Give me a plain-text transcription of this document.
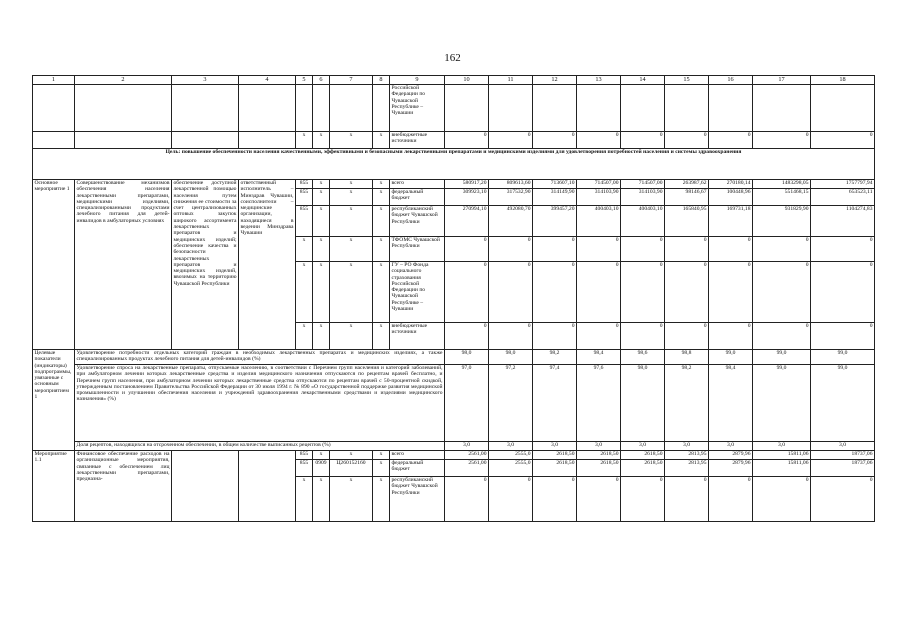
162
1	2	3	4	5	6	7	8	9	10	11	12	13	14	15	16	17	18
								Российской Федерации по Чувашской Республике – Чувашии									
				x	x	x	x	внебюджетные источники	0	0	0	0	0	0	0	0	0
Цель: повышение обеспеченности населения качественными, эффективными и безопасными лекарственными препаратами и медицинскими изделиями для удовлетворения потребностей населения и системы здравоохранения																	
Основное мероприятие 1	Совершенствование механизмов обеспечения населения лекарственными препаратами, медицинскими изделиями, специализированными продуктами лечебного питания для детей-инвалидов в амбулаторных условиях	обеспечение доступной лекарственной помощью населения путем снижения ее стоимости за счет централизованных оптовых закупок широкого ассортимента лекарственных препаратов и медицинских изделий; обеспечение качества и безопасности лекарственных препаратов и медицинских изделий, ввозимых на территорию Чувашской Республики	ответственный исполнитель – Минздрав Чувашии, соисполнители – медицинские организации, находящиеся в ведении Минздрава Чувашии	855	x	x	x	всего	580917,20	809613,60	713607,10	714507,00	714507,00	263987,62	270180,14	1483298,05	1757797,94
				855	x	x	x	федеральный бюджет	309923,10	317532,90	314149,90	314103,90	314103,90	98146,67	100448,96	551468,15	653523,11
				855	x	x	x	республиканский бюджет Чувашской Республики	270994,10	492080,70	399457,20	400403,10	400403,10	165840,95	169731,18	931829,90	1104274,83
				x	x	x	x	ТФОМС Чувашской Республики	0	0	0	0	0	0	0	0	0
				x	x	x	x	ГУ – РО Фонда социального страхования Российской Федерации по Чувашской Республике – Чувашии	0	0	0	0	0	0	0	0	0
				x	x	x	x	внебюджетные источники	0	0	0	0	0	0	0	0	0
Целевые показатели (индикаторы) подпрограммы, увязанные с основным мероприятием 1	Удовлетворение потребности отдельных категорий граждан в необходимых лекарственных препаратах и медицинских изделиях, а также специализированных продуктах лечебного питания для детей-инвалидов (%)								98,0	98,0	98,2	98,4	98,6	98,8	99,0	99,0	99,0
	Удовлетворение спроса на лекарственные препараты, отпускаемые населению, в соответствии с Перечнем групп населения и категорий заболеваний, при амбулаторном лечении которых лекарственные средства и изделия медицинского назначения отпускаются по рецептам врачей бесплатно, и Перечнем групп населения, при амбулаторном лечении которых лекарственные средства отпускаются по рецептам врачей с 50-процентной скидкой, утвержденным постановлением Правительства Российской Федерации от 30 июля 1994 г. № 890 «О государственной поддержке развития медицинской промышленности и улучшении обеспечения населения и учреждений здравоохранения лекарственными средствами и изделиями медицинского назначения» (%)								97,0	97,2	97,4	97,6	98,0	98,2	98,4	99,0	99,0
	Доля рецептов, находящихся на отсроченном обеспечении, в общем количестве выписанных рецептов (%)								3,0	3,0	3,0	3,0	3,0	3,0	3,0	3,0	3,0
Мероприятие 1.1	Финансовое обеспечение расходов на организационные мероприятия, связанные с обеспечением лиц лекарственными препаратами, предназна-			855	x	x	x	всего	2561,00	2555,0	2618,50	2618,50	2618,50	2813,95	2879,96	15811,06	18737,06
				855	0909	Ц260152160	x	федеральный бюджет	2561,00	2555,0	2618,50	2618,50	2618,50	2813,95	2879,96	15811,06	18737,06
				x	x	x	x	республиканский бюджет Чувашской Республики	0	0	0	0	0	0	0	0	0
